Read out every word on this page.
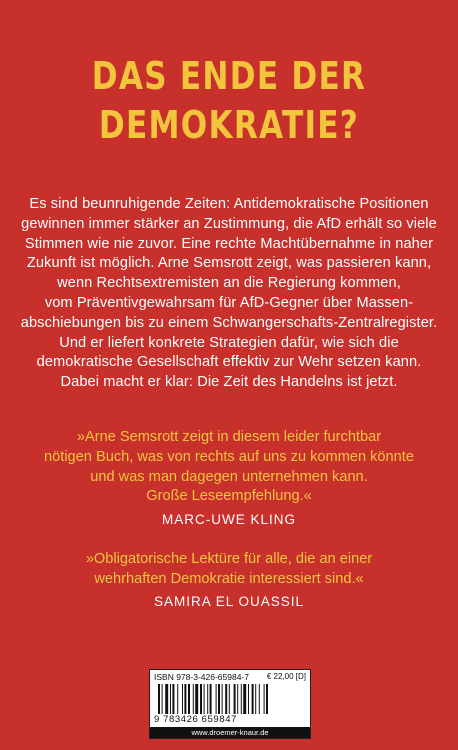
DAS ENDE DER
DEMOKRATIE?
Es sind beunruhigende Zeiten: Antidemokratische Positionen
gewinnen immer stärker an Zustimmung, die AfD erhält so viele
Stimmen wie nie zuvor. Eine rechte Machtübernahme in naher
Zukunft ist möglich. Arne Semsrott zeigt, was passieren kann,
wenn Rechtsextremisten an die Regierung kommen,
vom Präventivgewahrsam für AfD-Gegner über Massen-
abschiebungen bis zu einem Schwangerschafts-Zentralregister.
Und er liefert konkrete Strategien dafür, wie sich die
demokratische Gesellschaft effektiv zur Wehr setzen kann.
Dabei macht er klar: Die Zeit des Handelns ist jetzt.
»Arne Semsrott zeigt in diesem leider furchtbar
nötigen Buch, was von rechts auf uns zu kommen könnte
und was man dagegen unternehmen kann.
Große Leseempfehlung.«
MARC-UWE KLING
»Obligatorische Lektüre für alle, die an einer
wehrhaften Demokratie interessiert sind.«
SAMIRA EL OUASSIL
ISBN 978-3-426-65984-7 € 22,00 [D]
9 783426 659847
www.droemer-knaur.de
